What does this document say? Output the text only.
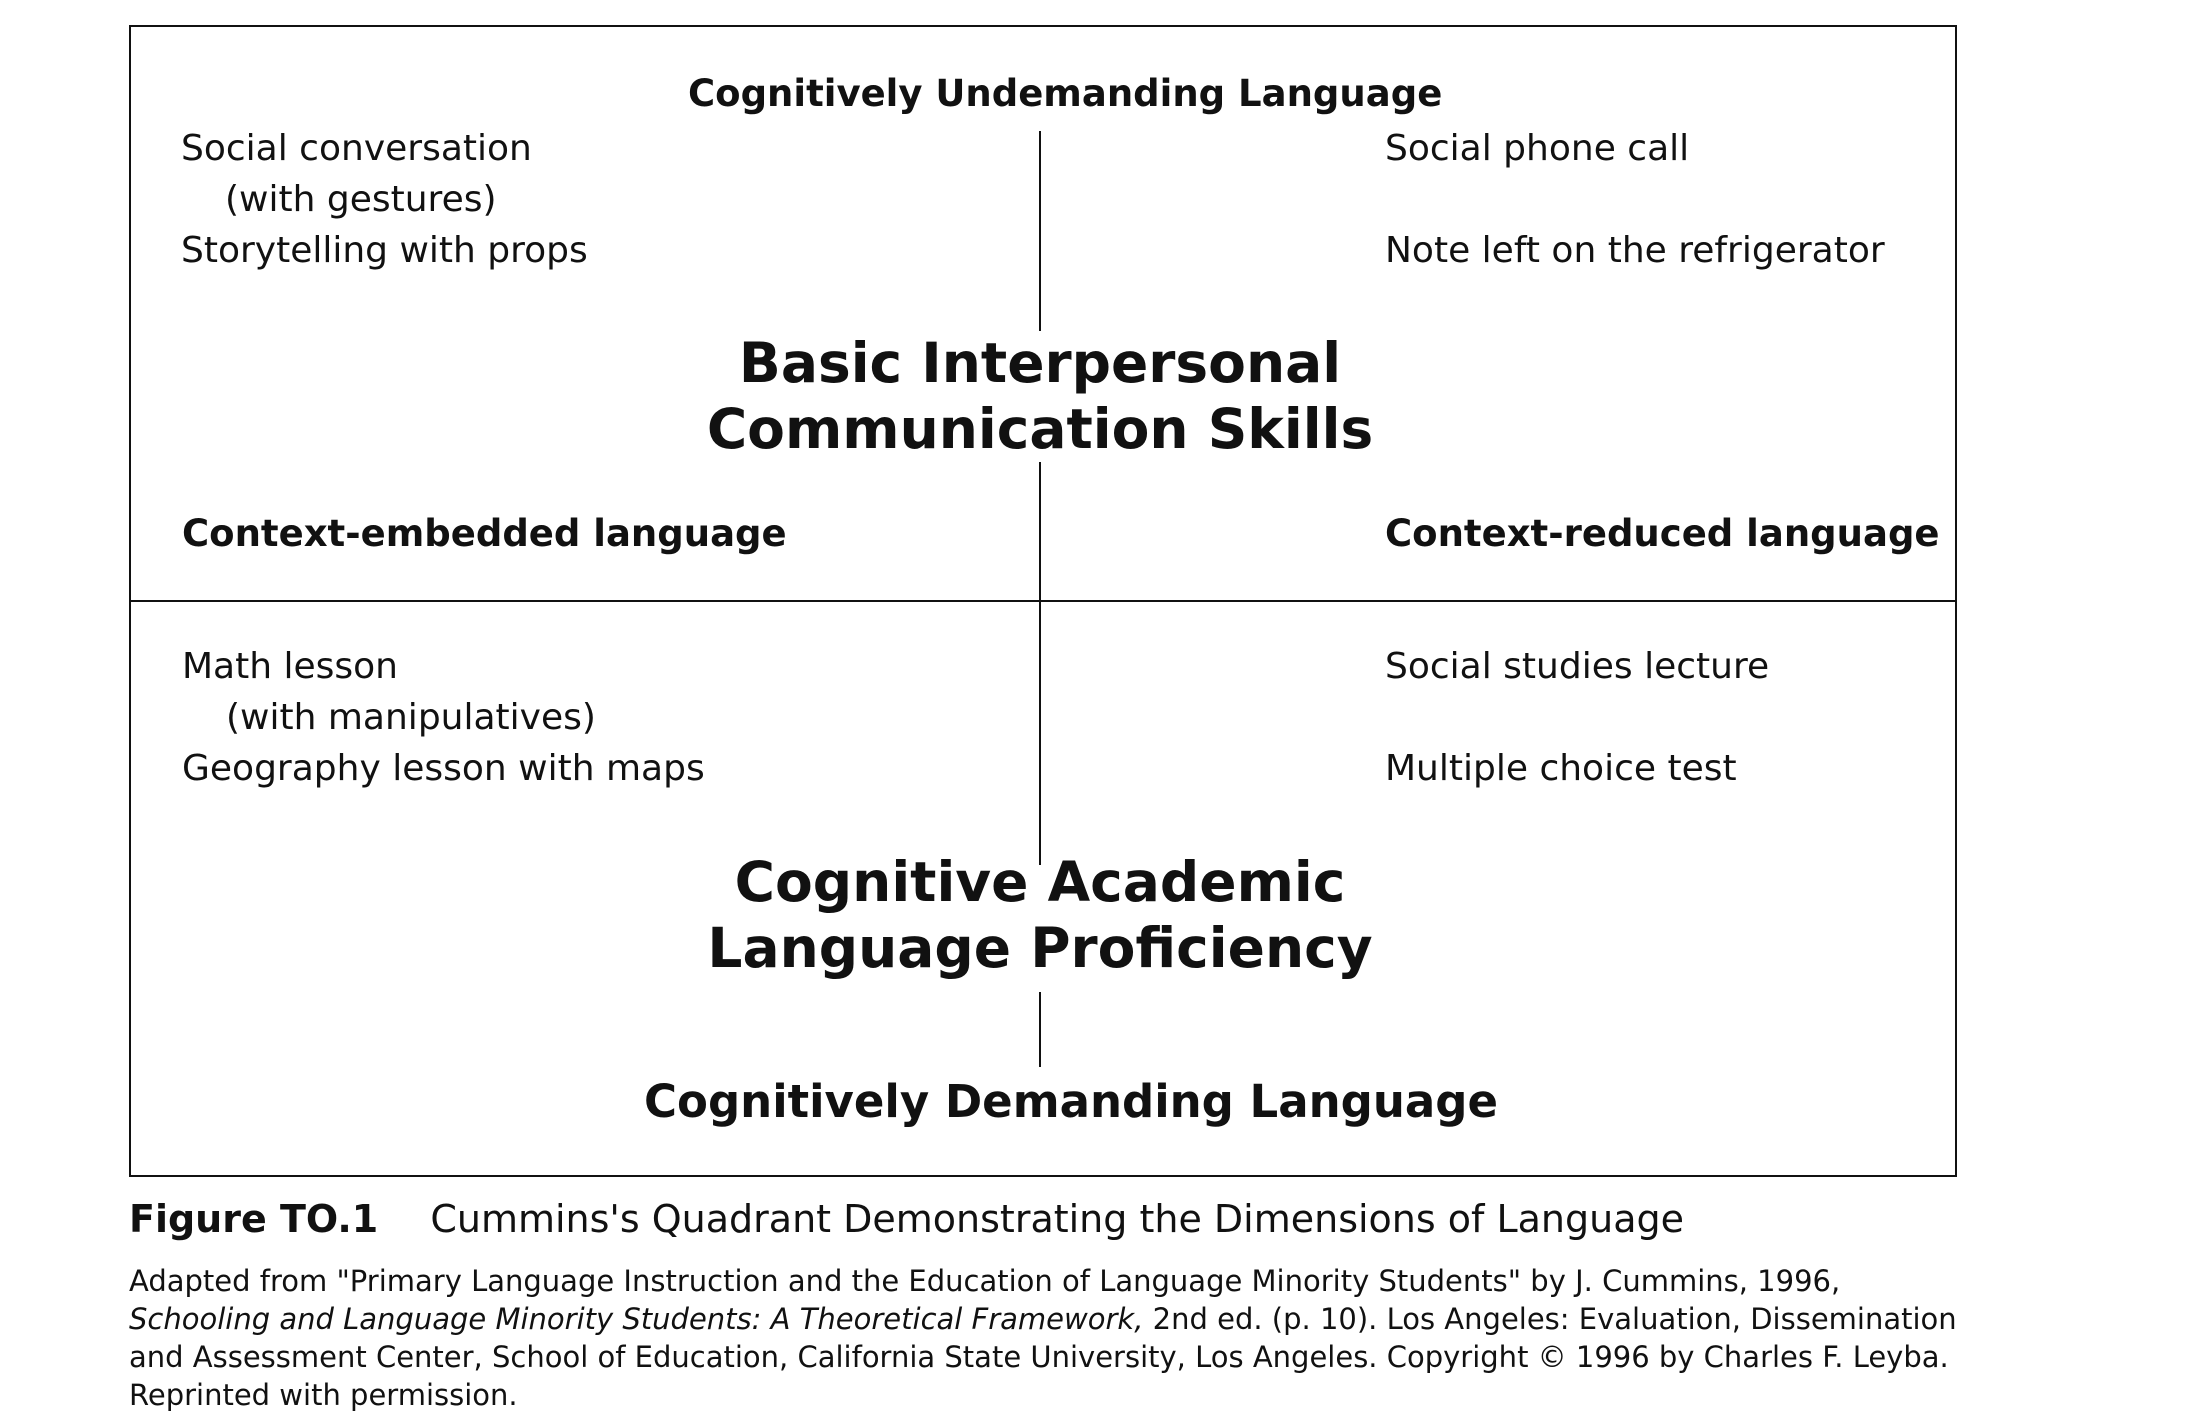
Cognitively Undemanding Language
Cognitively Demanding Language
Context-embedded language	Context-reduced language
Basic Interpersonal
Communication Skills
Cognitive Academic
Language Proficiency
Social conversation
(with gestures)
Storytelling with props
Social phone call
Note left on the refrigerator
Math lesson
(with manipulatives)
Geography lesson with maps
Social studies lecture
Multiple choice test
Figure TO.1 Cummins's Quadrant Demonstrating the Dimensions of Language
Adapted from "Primary Language Instruction and the Education of Language Minority Students" by J. Cummins, 1996, Schooling and Language Minority Students: A Theoretical Framework, 2nd ed. (p. 10). Los Angeles: Evaluation, Dissemination and Assessment Center, School of Education, California State University, Los Angeles. Copyright © 1996 by Charles F. Leyba. Reprinted with permission.
